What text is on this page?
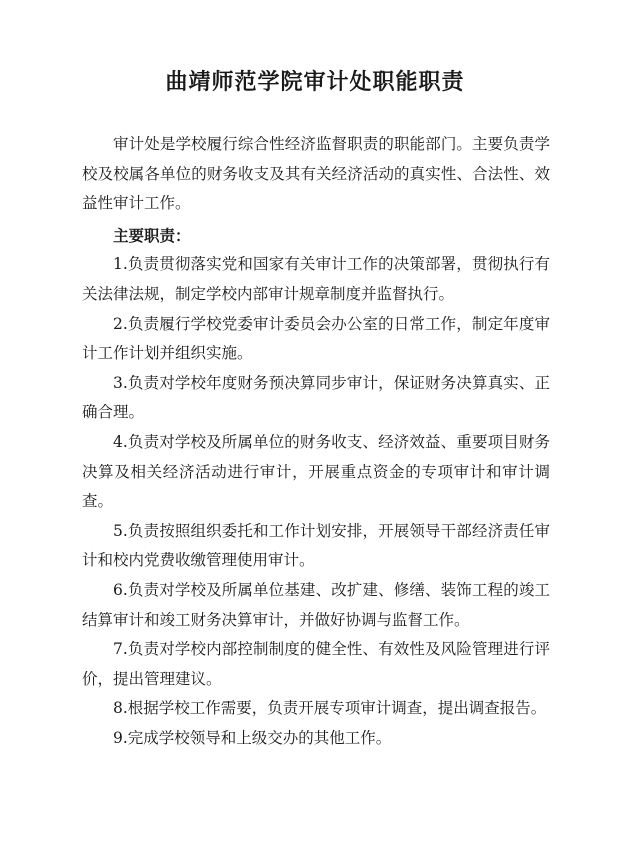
曲靖师范学院审计处职能职责

审计处是学校履行综合性经济监督职责的职能部门。主要负责学校及校属各单位的财务收支及其有关经济活动的真实性、合法性、效益性审计工作。

主要职责：

1.负责贯彻落实党和国家有关审计工作的决策部署，贯彻执行有关法律法规，制定学校内部审计规章制度并监督执行。

2.负责履行学校党委审计委员会办公室的日常工作，制定年度审计工作计划并组织实施。

3.负责对学校年度财务预决算同步审计，保证财务决算真实、正确合理。

4.负责对学校及所属单位的财务收支、经济效益、重要项目财务决算及相关经济活动进行审计，开展重点资金的专项审计和审计调查。

5.负责按照组织委托和工作计划安排，开展领导干部经济责任审计和校内党费收缴管理使用审计。

6.负责对学校及所属单位基建、改扩建、修缮、装饰工程的竣工结算审计和竣工财务决算审计，并做好协调与监督工作。

7.负责对学校内部控制制度的健全性、有效性及风险管理进行评价，提出管理建议。

8.根据学校工作需要，负责开展专项审计调查，提出调查报告。

9.完成学校领导和上级交办的其他工作。
